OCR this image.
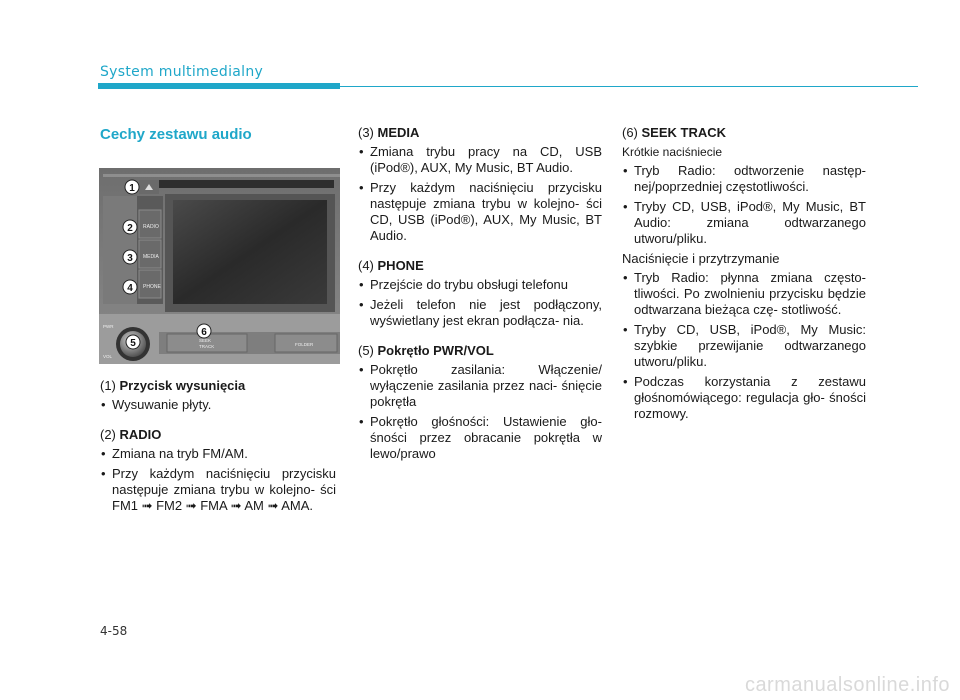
System multimedialny
Cechy zestawu audio
RADIO
MEDIA
PHONE
SEEK
TRACK	FOLDER
PWR
VOL
1
2
3
4
5
6
(1) Przycisk wysunięcia
• Wysuwanie płyty.
(2) RADIO
• Zmiana na tryb FM/AM.
• Przy każdym naciśnięciu przycisku następuje zmiana trybu w kolejno- ści FM1 ➟ FM2 ➟ FMA ➟ AM ➟ AMA.
(3) MEDIA
• Zmiana trybu pracy na CD, USB (iPod®), AUX, My Music, BT Audio.
• Przy każdym naciśnięciu przycisku następuje zmiana trybu w kolejno- ści CD, USB (iPod®), AUX, My Music, BT Audio.
(4) PHONE
• Przejście do trybu obsługi telefonu
• Jeżeli telefon nie jest podłączony, wyświetlany jest ekran podłącza- nia.
(5) Pokrętło PWR/VOL
• Pokrętło zasilania: Włączenie/ wyłączenie zasilania przez naci- śnięcie pokrętła
• Pokrętło głośności: Ustawienie gło- śności przez obracanie pokrętła w lewo/prawo
(6) SEEK TRACK
Krótkie naciśniecie
• Tryb Radio: odtworzenie następ- nej/poprzedniej częstotliwości.
• Tryby CD, USB, iPod®, My Music, BT Audio: zmiana odtwarzanego utworu/pliku.
Naciśnięcie i przytrzymanie
• Tryb Radio: płynna zmiana często- tliwości. Po zwolnieniu przycisku będzie odtwarzana bieżąca czę- stotliwość.
• Tryby CD, USB, iPod®, My Music: szybkie przewijanie odtwarzanego utworu/pliku.
• Podczas korzystania z zestawu głośnomówiącego: regulacja gło- śności rozmowy.
4-58
carmanualsonline.info
